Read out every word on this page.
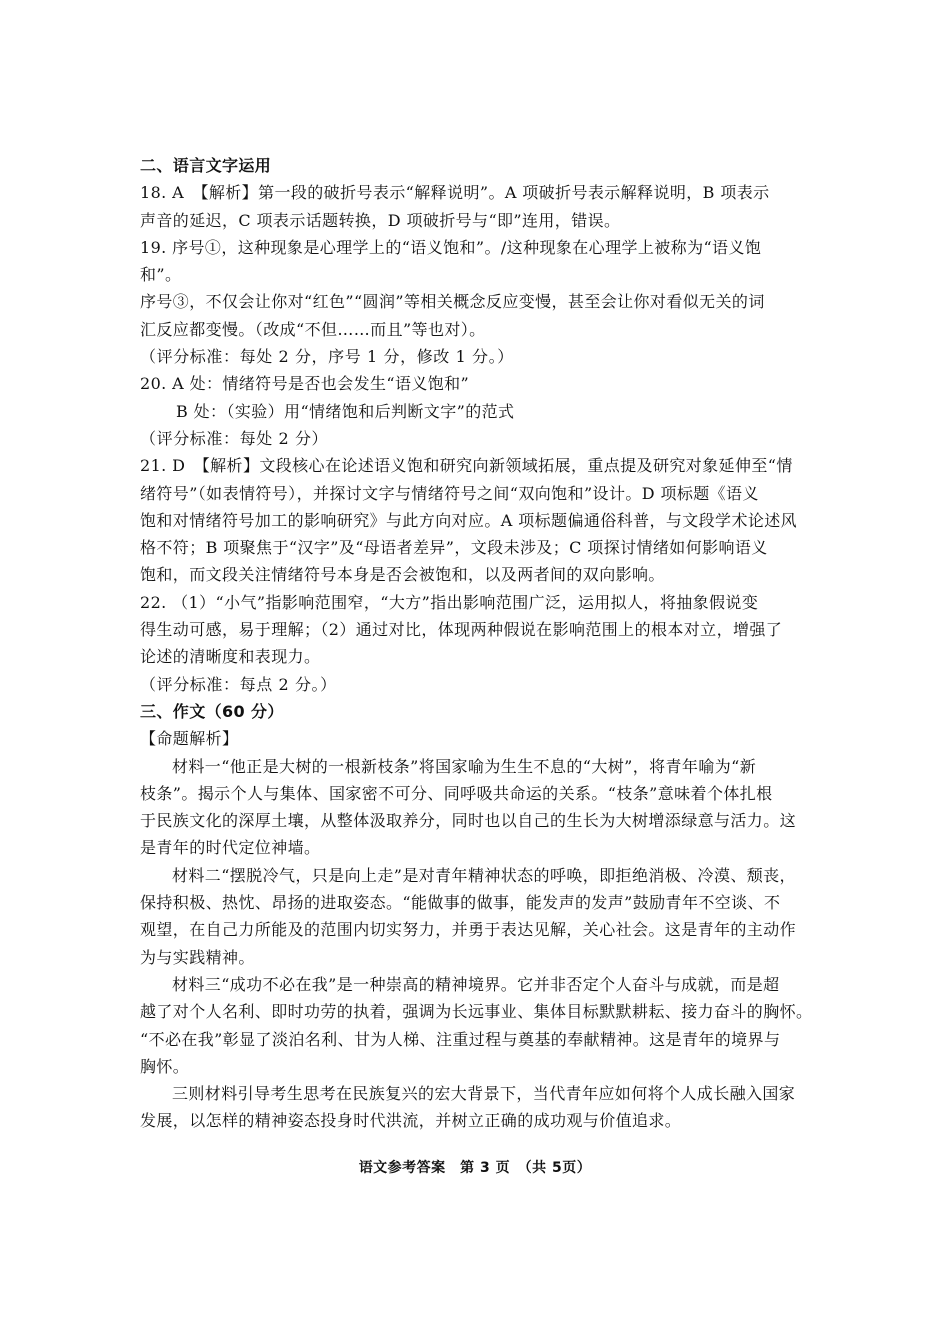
二、语言文字运用
18. A　【解析】第一段的破折号表示“解释说明”。A 项破折号表示解释说明，B 项表示
声音的延迟，C 项表示话题转换，D 项破折号与“即”连用，错误。
19. 序号①，这种现象是心理学上的“语义饱和”。/这种现象在心理学上被称为“语义饱
和”。
序号③，不仅会让你对“红色”“圆润”等相关概念反应变慢，甚至会让你对看似无关的词
汇反应都变慢。（改成“不但……而且”等也对）。
（评分标准：每处 2 分，序号 1 分，修改 1 分。）
20. A 处：情绪符号是否也会发生“语义饱和”
B 处：（实验）用“情绪饱和后判断文字”的范式
（评分标准：每处 2 分）
21. D　【解析】文段核心在论述语义饱和研究向新领域拓展，重点提及研究对象延伸至“情
绪符号”（如表情符号），并探讨文字与情绪符号之间“双向饱和”设计。D 项标题《语义
饱和对情绪符号加工的影响研究》与此方向对应。A 项标题偏通俗科普，与文段学术论述风
格不符；B 项聚焦于“汉字”及“母语者差异”，文段未涉及；C 项探讨情绪如何影响语义
饱和，而文段关注情绪符号本身是否会被饱和，以及两者间的双向影响。
22. （1）“小气”指影响范围窄，“大方”指出影响范围广泛，运用拟人，将抽象假说变
得生动可感，易于理解；（2）通过对比，体现两种假说在影响范围上的根本对立，增强了
论述的清晰度和表现力。
（评分标准：每点 2 分。）
三、作文（60 分）
【命题解析】
材料一“他正是大树的一根新枝条”将国家喻为生生不息的“大树”，将青年喻为“新
枝条”。揭示个人与集体、国家密不可分、同呼吸共命运的关系。“枝条”意味着个体扎根
于民族文化的深厚土壤，从整体汲取养分，同时也以自己的生长为大树增添绿意与活力。这
是青年的时代定位神墙。
材料二“摆脱冷气，只是向上走”是对青年精神状态的呼唤，即拒绝消极、冷漠、颓丧，
保持积极、热忱、昂扬的进取姿态。“能做事的做事，能发声的发声”鼓励青年不空谈、不
观望，在自己力所能及的范围内切实努力，并勇于表达见解，关心社会。这是青年的主动作
为与实践精神。
材料三“成功不必在我”是一种崇高的精神境界。它并非否定个人奋斗与成就，而是超
越了对个人名利、即时功劳的执着，强调为长远事业、集体目标默默耕耘、接力奋斗的胸怀。
“不必在我”彰显了淡泊名利、甘为人梯、注重过程与奠基的奉献精神。这是青年的境界与
胸怀。
三则材料引导考生思考在民族复兴的宏大背景下，当代青年应如何将个人成长融入国家
发展，以怎样的精神姿态投身时代洪流，并树立正确的成功观与价值追求。
语文参考答案　第 3 页　（共 5页）
